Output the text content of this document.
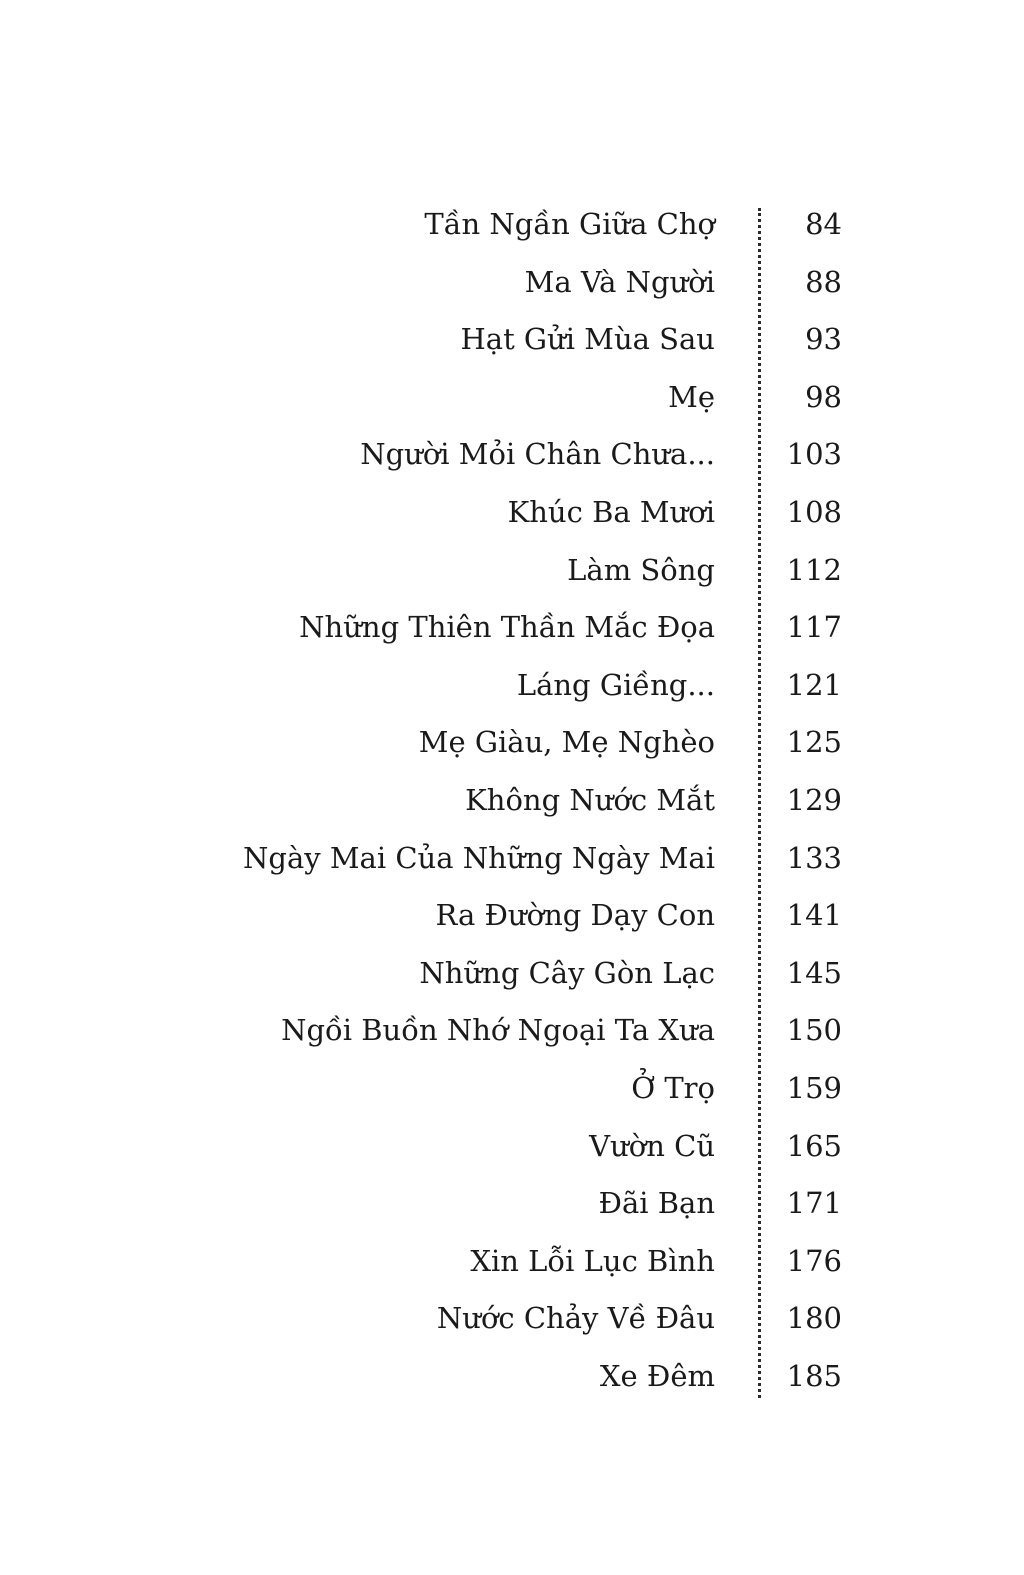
Tần Ngần Giữa Chợ	84
Ma Và Người	88
Hạt Gửi Mùa Sau	93
Mẹ	98
Người Mỏi Chân Chưa... 103
Khúc Ba Mươi 108
Làm Sông 112
Những Thiên Thần Mắc Đọa 117
Láng Giềng... 121
Mẹ Giàu, Mẹ Nghèo 125
Không Nước Mắt 129
Ngày Mai Của Những Ngày Mai 133
Ra Đường Dạy Con 141
Những Cây Gòn Lạc 145
Ngồi Buồn Nhớ Ngoại Ta Xưa 150
Ở Trọ 159
Vườn Cũ 165
Đãi Bạn 171
Xin Lỗi Lục Bình 176
Nước Chảy Về Đâu 180
Xe Đêm 185
